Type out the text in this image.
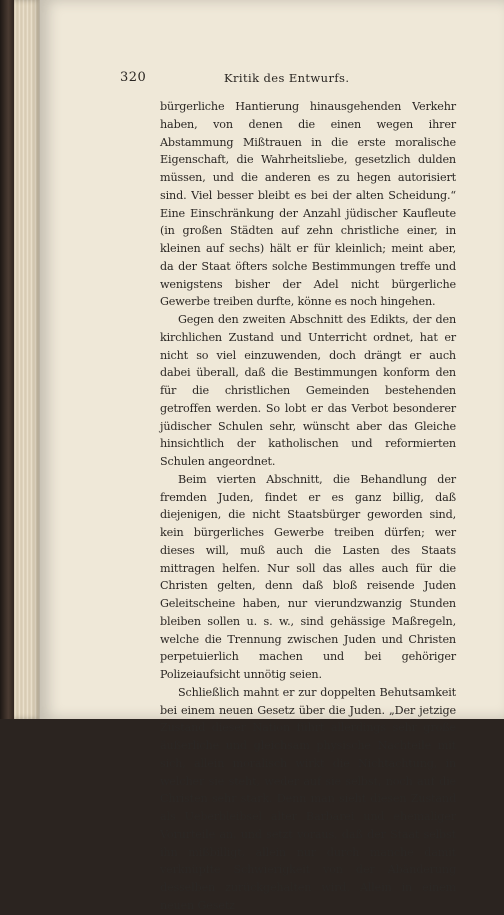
320	Kritik des Entwurfs.

bürgerliche Hantierung hinausgehenden Verkehr haben, von denen die einen wegen ihrer Abstammung Mißtrauen in die erste moralische Eigenschaft, die Wahrheitsliebe, gesetzlich dulden müssen, und die anderen es zu hegen autorisiert sind. Viel besser bleibt es bei der alten Scheidung.“ Eine Einschränkung der Anzahl jüdischer Kaufleute (in großen Städten auf zehn christliche einer, in kleinen auf sechs) hält er für kleinlich; meint aber, da der Staat öfters solche Bestimmungen treffe und wenigstens bisher der Adel nicht bürgerliche Gewerbe treiben durfte, könne es noch hingehen.

Gegen den zweiten Abschnitt des Edikts, der den kirchlichen Zustand und Unterricht ordnet, hat er nicht so viel einzuwenden, doch drängt er auch dabei überall, daß die Bestimmungen konform den für die christlichen Gemeinden bestehenden getroffen werden. So lobt er das Verbot besonderer jüdischer Schulen sehr, wünscht aber das Gleiche hinsichtlich der katholischen und reformierten Schulen angeordnet.

Beim vierten Abschnitt, die Behandlung der fremden Juden, findet er es ganz billig, daß diejenigen, die nicht Staatsbürger geworden sind, kein bürgerliches Gewerbe treiben dürfen; wer dieses will, muß auch die Lasten des Staats mittragen helfen. Nur soll das alles auch für die Christen gelten, denn daß bloß reisende Juden Geleitscheine haben, nur vierundzwanzig Stunden bleiben sollen u. s. w., sind gehässige Maßregeln, welche die Trennung zwischen Juden und Christen perpetuierlich machen und bei gehöriger Polizeiaufsicht unnötig seien.

Schließlich mahnt er zur doppelten Behutsamkeit bei einem neuen Gesetz über die Juden. „Der jetzige Zustand dieser Nation führt allerdings sehr große äußerliche und gleichsam physische Nachteile mit sich, allein moralisch wirkt die Nichtachtung, in welcher sie steht, weder auf sie selbst, noch auf die Christen sehr stark. Denn man sieht diesen Zustand als Ueberbleibsel alter Barbarei und ehemaliger Vorurteile an, und setzt voraus, daß der Staat selbst ihn mißbilligt, allein nur durch manche damit verknüpfte Schwierigkeit von der Abänderung desselben zurückgehalten wird. Allein in einem neuen Gesetz
